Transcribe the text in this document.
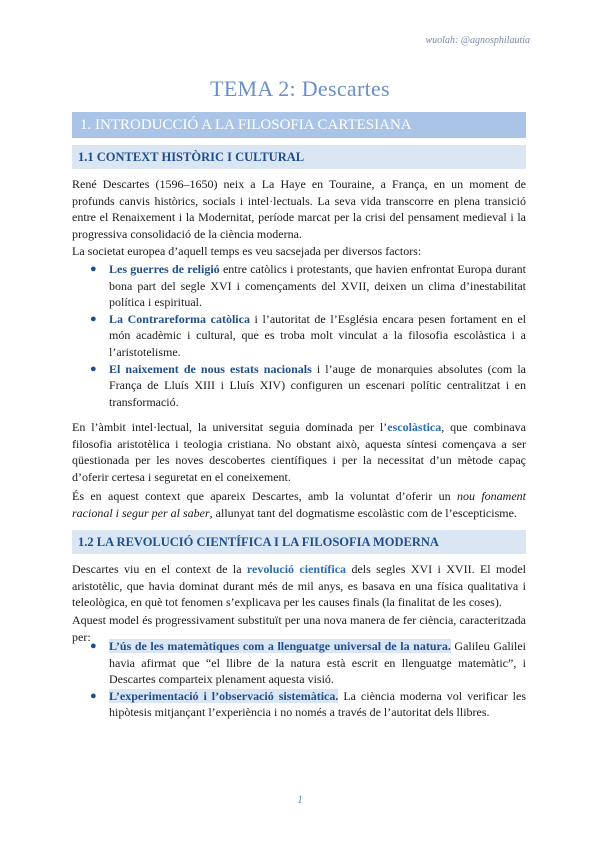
wuolah: @agnosphilautia
TEMA 2: Descartes
1. INTRODUCCIÓ A LA FILOSOFIA CARTESIANA
1.1 CONTEXT HISTÒRIC I CULTURAL

René Descartes (1596–1650) neix a La Haye en Touraine, a França, en un moment de profunds canvis històrics, socials i intel·lectuals. La seva vida transcorre en plena transició entre el Renaixement i la Modernitat, període marcat per la crisi del pensament medieval i la progressiva consolidació de la ciència moderna.

La societat europea d’aquell temps es veu sacsejada per diversos factors:

● Les guerres de religió entre catòlics i protestants, que havien enfrontat Europa durant bona part del segle XVI i començaments del XVII, deixen un clima d’inestabilitat política i espiritual.
● La Contrareforma catòlica i l’autoritat de l’Església encara pesen fortament en el món acadèmic i cultural, que es troba molt vinculat a la filosofia escolàstica i a l’aristotelisme.
● El naixement de nous estats nacionals i l’auge de monarquies absolutes (com la França de Lluís XIII i Lluís XIV) configuren un escenari polític centralitzat i en transformació.

En l’àmbit intel·lectual, la universitat seguia dominada per l’escolàstica, que combinava filosofia aristotèlica i teologia cristiana. No obstant això, aquesta síntesi començava a ser qüestionada per les noves descobertes científiques i per la necessitat d’un mètode capaç d’oferir certesa i seguretat en el coneixement.

És en aquest context que apareix Descartes, amb la voluntat d’oferir un nou fonament racional i segur per al saber, allunyat tant del dogmatisme escolàstic com de l’escepticisme.

1.2 LA REVOLUCIÓ CIENTÍFICA I LA FILOSOFIA MODERNA

Descartes viu en el context de la revolució científica dels segles XVI i XVII. El model aristotèlic, que havia dominat durant més de mil anys, es basava en una física qualitativa i teleològica, en què tot fenomen s’explicava per les causes finals (la finalitat de les coses).

Aquest model és progressivament substituït per una nova manera de fer ciència, caracteritzada per:

● L’ús de les matemàtiques com a llenguatge universal de la natura. Galileu Galilei havia afirmat que “el llibre de la natura està escrit en llenguatge matemàtic”, i Descartes comparteix plenament aquesta visió.
● L’experimentació i l’observació sistemàtica. La ciència moderna vol verificar les hipòtesis mitjançant l’experiència i no només a través de l’autoritat dels llibres.
1
